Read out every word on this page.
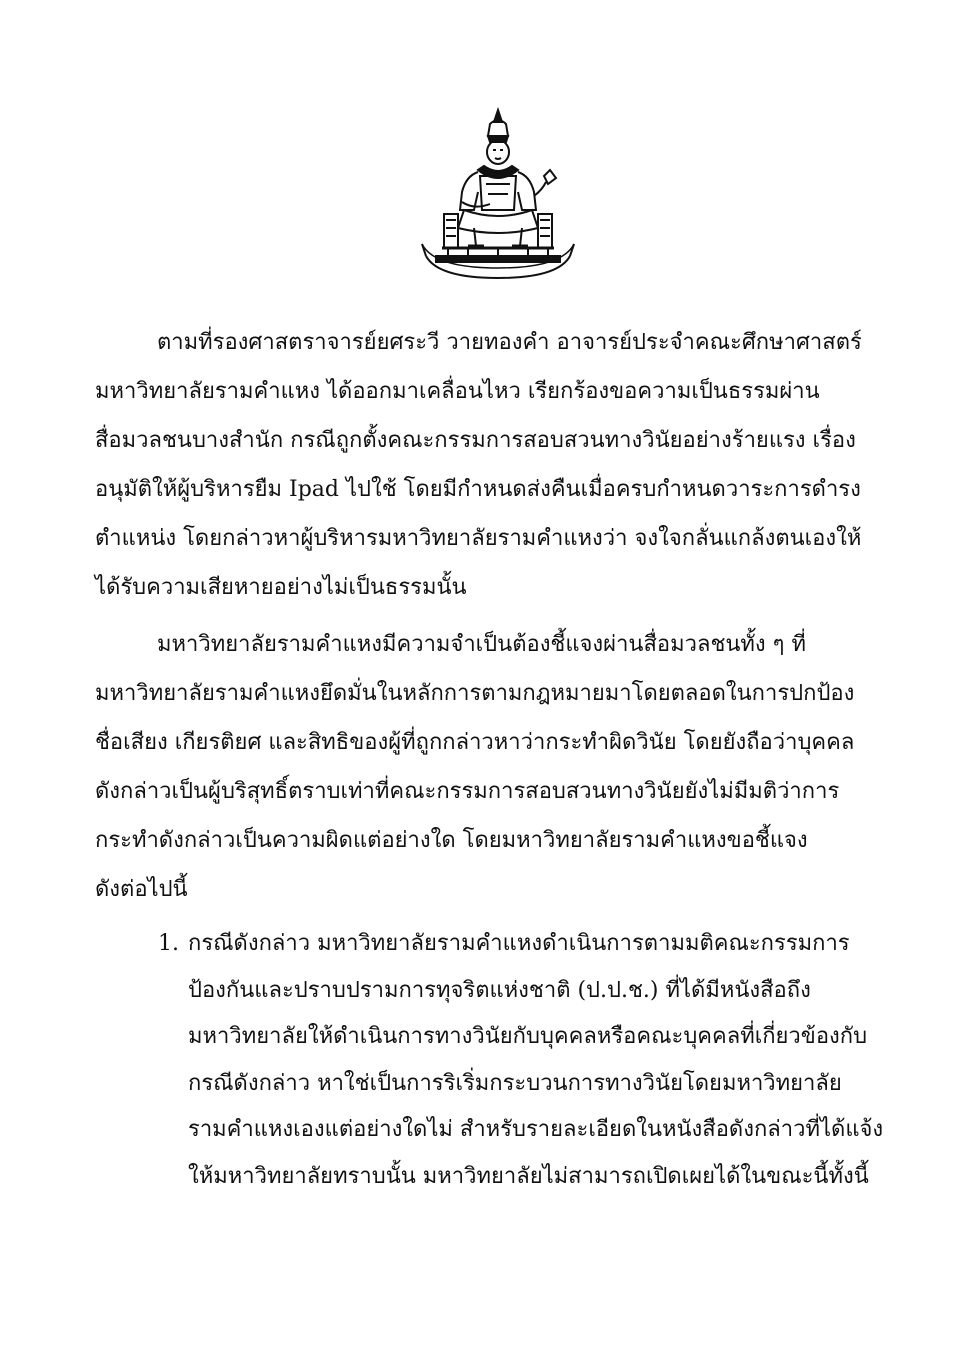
ตามที่รองศาสตราจารย์ยศระวี วายทองคำ อาจารย์ประจำคณะศึกษาศาสตร์
มหาวิทยาลัยรามคำแหง ได้ออกมาเคลื่อนไหว เรียกร้องขอความเป็นธรรมผ่าน
สื่อมวลชนบางสำนัก กรณีถูกตั้งคณะกรรมการสอบสวนทางวินัยอย่างร้ายแรง เรื่อง
อนุมัติให้ผู้บริหารยืม Ipad ไปใช้ โดยมีกำหนดส่งคืนเมื่อครบกำหนดวาระการดำรง
ตำแหน่ง โดยกล่าวหาผู้บริหารมหาวิทยาลัยรามคำแหงว่า จงใจกลั่นแกล้งตนเองให้
ได้รับความเสียหายอย่างไม่เป็นธรรมนั้น

มหาวิทยาลัยรามคำแหงมีความจำเป็นต้องชี้แจงผ่านสื่อมวลชนทั้ง ๆ ที่
มหาวิทยาลัยรามคำแหงยึดมั่นในหลักการตามกฎหมายมาโดยตลอดในการปกป้อง
ชื่อเสียง เกียรติยศ และสิทธิของผู้ที่ถูกกล่าวหาว่ากระทำผิดวินัย โดยยังถือว่าบุคคล
ดังกล่าวเป็นผู้บริสุทธิ์ตราบเท่าที่คณะกรรมการสอบสวนทางวินัยยังไม่มีมติว่าการ
กระทำดังกล่าวเป็นความผิดแต่อย่างใด โดยมหาวิทยาลัยรามคำแหงขอชี้แจง
ดังต่อไปนี้

1. กรณีดังกล่าว มหาวิทยาลัยรามคำแหงดำเนินการตามมติคณะกรรมการ
ป้องกันและปราบปรามการทุจริตแห่งชาติ (ป.ป.ช.) ที่ได้มีหนังสือถึง
มหาวิทยาลัยให้ดำเนินการทางวินัยกับบุคคลหรือคณะบุคคลที่เกี่ยวข้องกับ
กรณีดังกล่าว หาใช่เป็นการริเริ่มกระบวนการทางวินัยโดยมหาวิทยาลัย
รามคำแหงเองแต่อย่างใดไม่ สำหรับรายละเอียดในหนังสือดังกล่าวที่ได้แจ้ง
ให้มหาวิทยาลัยทราบนั้น มหาวิทยาลัยไม่สามารถเปิดเผยได้ในขณะนี้ทั้งนี้
